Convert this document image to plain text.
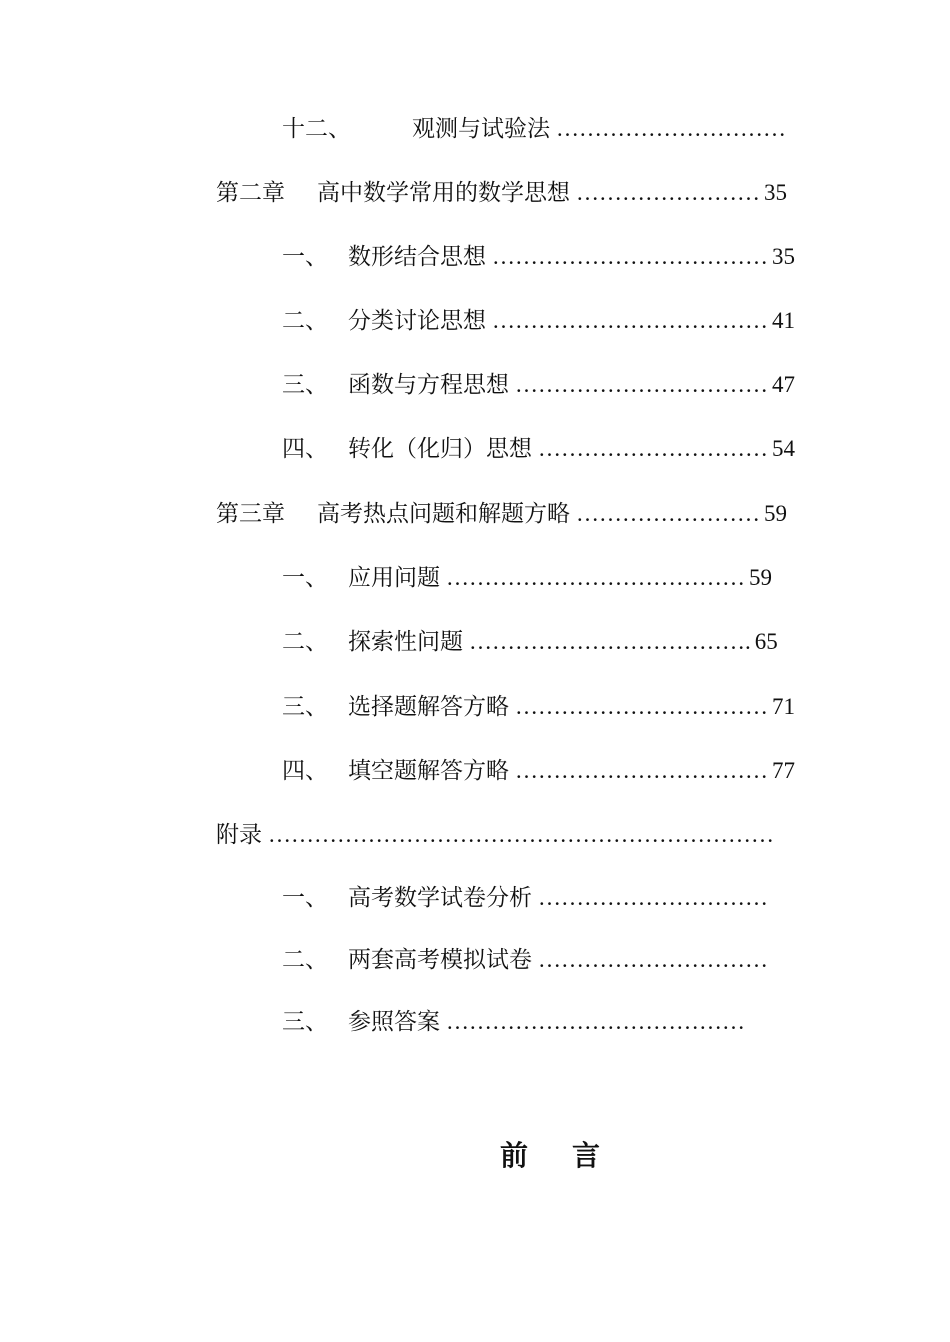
十二、	观测与试验法 …………………………
第二章	高中数学常用的数学思想 …………………… 35
一、 数形结合思想 ……………………………… 35
二、 分类讨论思想 ……………………………… 41
三、 函数与方程思想 …………………………… 47
四、 转化（化归）思想 ………………………… 54
第三章	高考热点问题和解题方略 …………………… 59
一、 应用问题 ………………………………… 59
二、 探索性问题 ………………………………. 65
三、 选择题解答方略 …………………………… 71
四、 填空题解答方略 …………………………… 77
附录 …………………………………………………………
一、 高考数学试卷分析 …………………………
二、 两套高考模拟试卷 …………………………
三、 参照答案 …………………………………
前 言
